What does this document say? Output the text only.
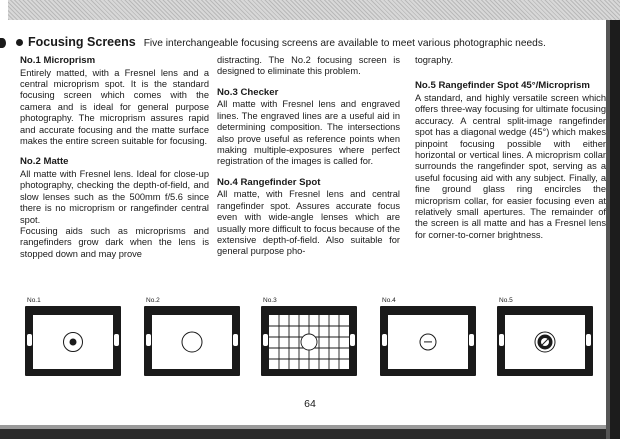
Focusing Screens Five interchangeable focusing screens are available to meet various photographic needs.
No.1 Microprism

Entirely matted, with a Fresnel lens and a central microprism spot. It is the standard focusing screen which comes with the camera and is ideal for general purpose photography. The microprism assures rapid and accurate focusing and the matte surface makes the entire screen suitable for focusing.

No.2 Matte

All matte with Fresnel lens. Ideal for close-up photography, checking the depth-of-field, and slow lenses such as the 500mm f/5.6 since there is no microprism or rangefinder central spot.

Focusing aids such as microprisms and rangefinders grow dark when the lens is stopped down and may prove

distracting. The No.2 focusing screen is designed to eliminate this problem.

No.3 Checker

All matte with Fresnel lens and engraved lines. The engraved lines are a useful aid in determining composition. The intersections also prove useful as reference points when making multiple-exposures where perfect registration of the images is called for.

No.4 Rangefinder Spot

All matte, with Fresnel lens and central rangefinder spot. Assures accurate focus even with wide-angle lenses which are usually more difficult to focus because of the extensive depth-of-field. Also suitable for general purpose pho-

tography.

No.5 Rangefinder Spot 45°/Microprism

A standard, and highly versatile screen which offers three-way focusing for ultimate focusing accuracy. A central split-image rangefinder spot has a diagonal wedge (45°) which makes pinpoint focusing possible with either horizontal or vertical lines. A microprism collar surrounds the rangefinder spot, serving as a useful focusing aid with any subject. Finally, a fine ground glass ring encircles the microprism collar, for easier focusing even at relatively small apertures. The remainder of the screen is all matte and has a Fresnel lens for corner-to-corner brightness.

No.1	No.2	No.3	No.4	No.5
64
